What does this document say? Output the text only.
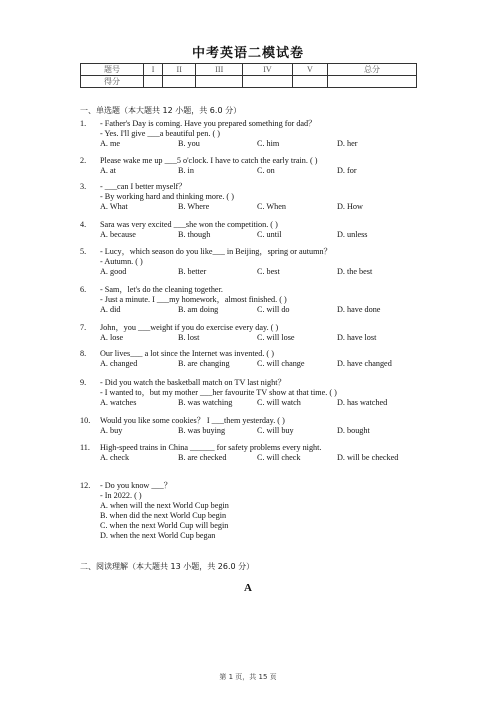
中考英语二模试卷
题号	I	II	III	IV	V	总分
得分						
一、单选题（本大题共 12 小题，共 6.0 分）
1. - Father's Day is coming. Have you prepared something for dad？
- Yes. I'll give ___a beautiful pen. ( )
A. me	B. you	C. him	D. her
2. Please wake me up ___5 o'clock. I have to catch the early train. ( )
A. at	B. in	C. on	D. for
3. - ___can I better myself？
- By working hard and thinking more. ( )
A. What	B. Where	C. When	D. How
4. Sara was very excited ___she won the competition. ( )
A. because	B. though	C. until	D. unless
5. - Lucy，which season do you like___ in Beijing，spring or autumn？
- Autumn. ( )
A. good	B. better	C. best	D. the best
6. - Sam，let's do the cleaning together.
- Just a minute. I ___my homework，almost finished. ( )
A. did	B. am doing	C. will do	D. have done
7. John，you ___weight if you do exercise every day. ( )
A. lose	B. lost	C. will lose	D. have lost
8. Our lives___ a lot since the Internet was invented. ( )
A. changed	B. are changing	C. will change	D. have changed
9. - Did you watch the basketball match on TV last night？
- I wanted to，but my mother ___her favourite TV show at that time. ( )
A. watches	B. was watching	C. will watch	D. has watched
10. Would you like some cookies？ I ___them yesterday. ( )
A. buy	B. was buying	C. will buy	D. bought
11. High-speed trains in China ______ for safety problems every night.
A. check	B. are checked	C. will check	D. will be checked
12. - Do you know ___？
- In 2022. ( )
A. when will the next World Cup begin
B. when did the next World Cup begin
C. when the next World Cup will begin
D. when the next World Cup began
二、阅读理解（本大题共 13 小题，共 26.0 分）
A
第 1 页，共 15 页
